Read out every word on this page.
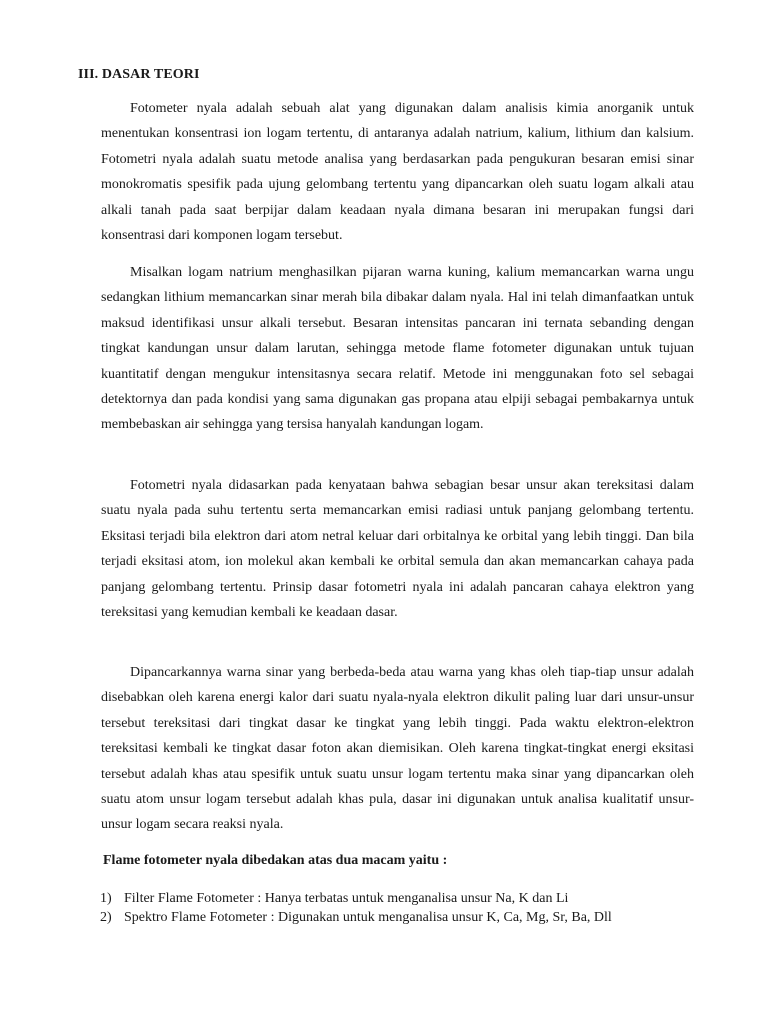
III. DASAR TEORI

Fotometer nyala adalah sebuah alat yang digunakan dalam analisis kimia anorganik untuk menentukan konsentrasi ion logam tertentu, di antaranya adalah natrium, kalium, lithium dan kalsium. Fotometri nyala adalah suatu metode analisa yang berdasarkan pada pengukuran besaran emisi sinar monokromatis spesifik pada ujung gelombang tertentu yang dipancarkan oleh suatu logam alkali atau alkali tanah pada saat berpijar dalam keadaan nyala dimana besaran ini merupakan fungsi dari konsentrasi dari komponen logam tersebut.

Misalkan logam natrium menghasilkan pijaran warna kuning, kalium memancarkan warna ungu sedangkan lithium memancarkan sinar merah bila dibakar dalam nyala. Hal ini telah dimanfaatkan untuk maksud identifikasi unsur alkali tersebut. Besaran intensitas pancaran ini ternata sebanding dengan tingkat kandungan unsur dalam larutan, sehingga metode flame fotometer digunakan untuk tujuan kuantitatif dengan mengukur intensitasnya secara relatif. Metode ini menggunakan foto sel sebagai detektornya dan pada kondisi yang sama digunakan gas propana atau elpiji sebagai pembakarnya untuk membebaskan air sehingga yang tersisa hanyalah kandungan logam.

Fotometri nyala didasarkan pada kenyataan bahwa sebagian besar unsur akan tereksitasi dalam suatu nyala pada suhu tertentu serta memancarkan emisi radiasi untuk panjang gelombang tertentu. Eksitasi terjadi bila elektron dari atom netral keluar dari orbitalnya ke orbital yang lebih tinggi. Dan bila terjadi eksitasi atom, ion molekul akan kembali ke orbital semula dan akan memancarkan cahaya pada panjang gelombang tertentu. Prinsip dasar fotometri nyala ini adalah pancaran cahaya elektron yang tereksitasi yang kemudian kembali ke keadaan dasar.

Dipancarkannya warna sinar yang berbeda-beda atau warna yang khas oleh tiap-tiap unsur adalah disebabkan oleh karena energi kalor dari suatu nyala-nyala elektron dikulit paling luar dari unsur-unsur tersebut tereksitasi dari tingkat dasar ke tingkat yang lebih tinggi. Pada waktu elektron-elektron tereksitasi kembali ke tingkat dasar foton akan diemisikan. Oleh karena tingkat-tingkat energi eksitasi tersebut adalah khas atau spesifik untuk suatu unsur logam tertentu maka sinar yang dipancarkan oleh suatu atom unsur logam tersebut adalah khas pula, dasar ini digunakan untuk analisa kualitatif unsur-unsur logam secara reaksi nyala.

Flame fotometer nyala dibedakan atas dua macam yaitu :
1) Filter Flame Fotometer : Hanya terbatas untuk menganalisa unsur Na, K dan Li
2) Spektro Flame Fotometer : Digunakan untuk menganalisa unsur K, Ca, Mg, Sr, Ba, Dll
